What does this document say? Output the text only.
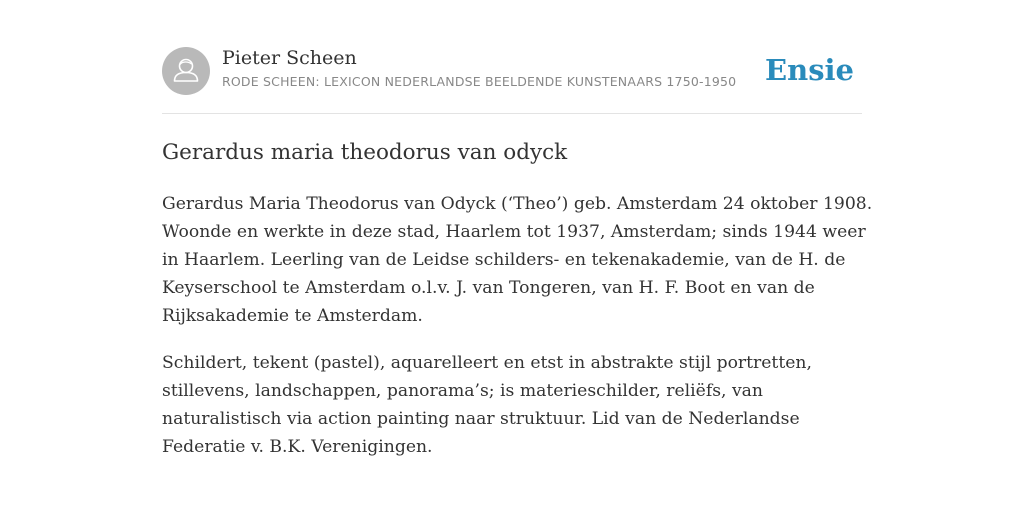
Pieter Scheen
RODE SCHEEN: LEXICON NEDERLANDSE BEELDENDE KUNSTENAARS 1750-1950 Ensie
Gerardus maria theodorus van odyck

Gerardus Maria Theodorus van Odyck (‘Theo’) geb. Amsterdam 24 oktober 1908.
Woonde en werkte in deze stad, Haarlem tot 1937, Amsterdam; sinds 1944 weer
in Haarlem. Leerling van de Leidse schilders- en tekenakademie, van de H. de
Keyserschool te Amsterdam o.l.v. J. van Tongeren, van H. F. Boot en van de
Rijksakademie te Amsterdam.

Schildert, tekent (pastel), aquarelleert en etst in abstrakte stijl portretten,
stillevens, landschappen, panorama’s; is materieschilder, reliëfs, van
naturalistisch via action painting naar struktuur. Lid van de Nederlandse
Federatie v. B.K. Verenigingen.
